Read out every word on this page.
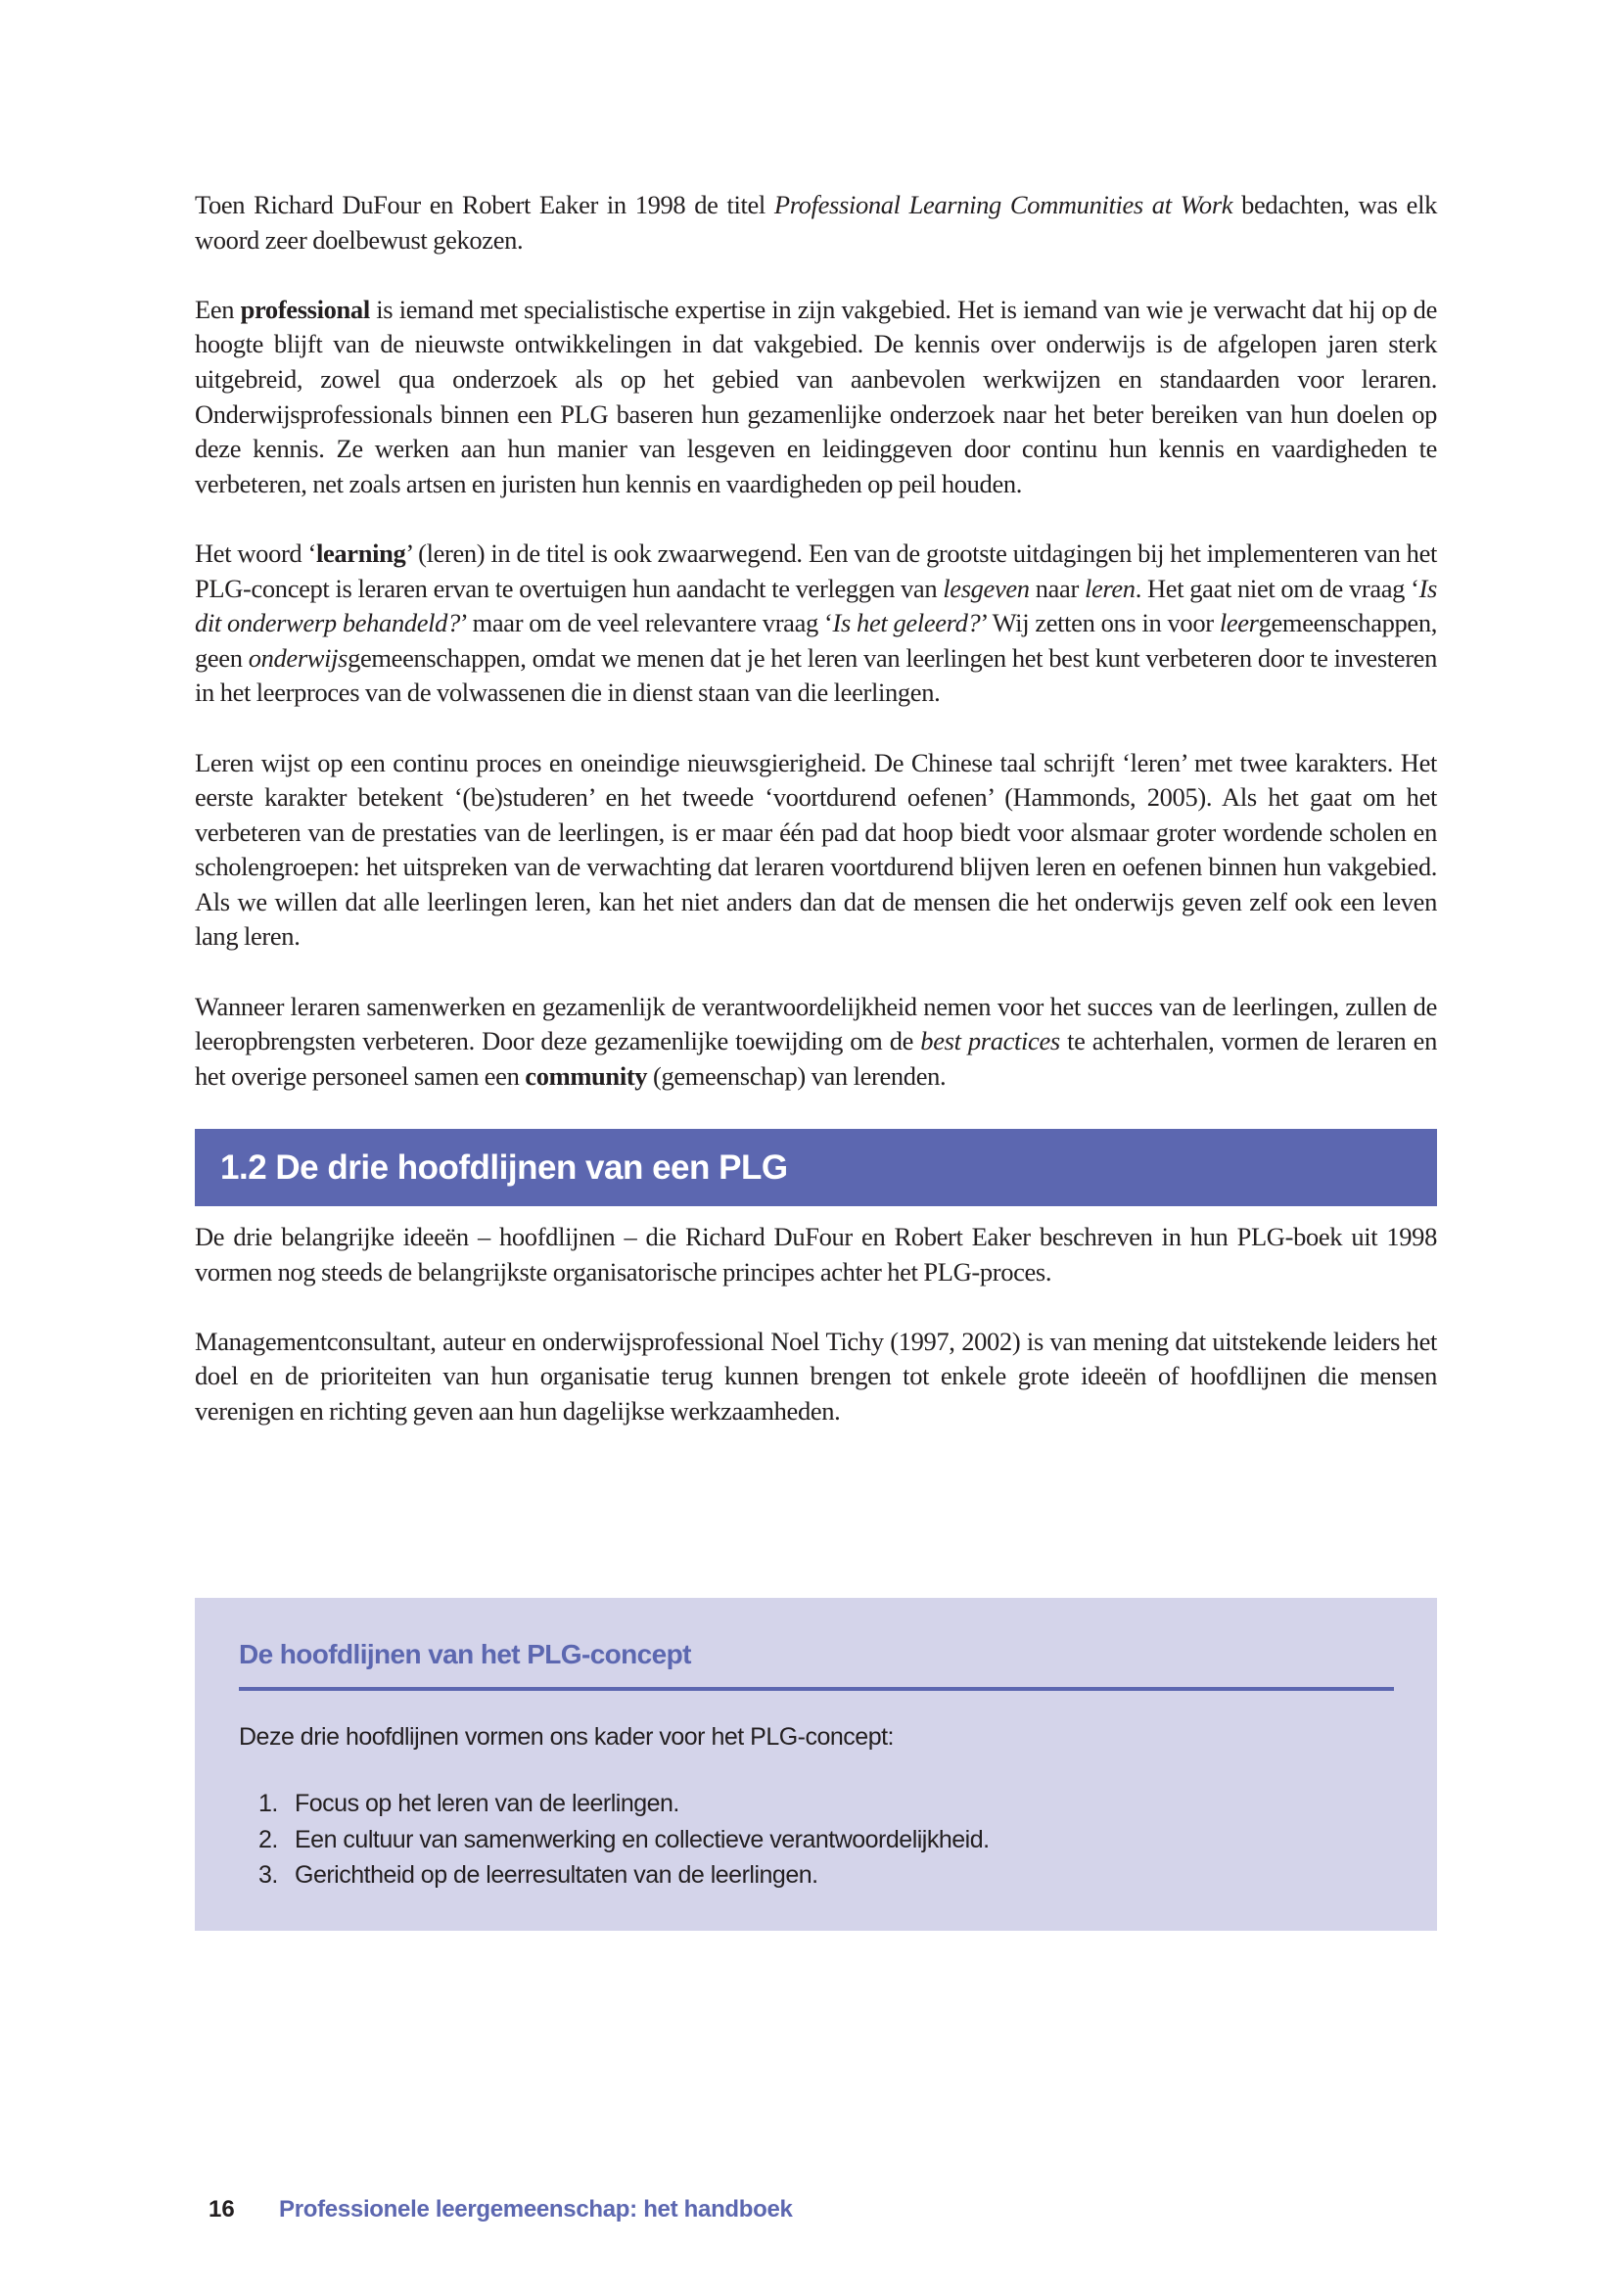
Toen Richard DuFour en Robert Eaker in 1998 de titel Professional Learning Communities at Work bedachten, was elk woord zeer doelbewust gekozen.

Een professional is iemand met specialistische expertise in zijn vakgebied. Het is iemand van wie je verwacht dat hij op de hoogte blijft van de nieuwste ontwikkelingen in dat vakgebied. De kennis over onderwijs is de afgelopen jaren sterk uitgebreid, zowel qua onderzoek als op het gebied van aanbevolen werkwijzen en standaarden voor leraren. Onderwijsprofessionals binnen een PLG baseren hun gezamenlijke onderzoek naar het beter bereiken van hun doelen op deze kennis. Ze werken aan hun manier van lesgeven en leidinggeven door continu hun kennis en vaardigheden te verbeteren, net zoals artsen en juristen hun kennis en vaardigheden op peil houden.

Het woord ‘learning’ (leren) in de titel is ook zwaarwegend. Een van de grootste uitdagingen bij het implementeren van het PLG-concept is leraren ervan te overtuigen hun aandacht te verleggen van lesgeven naar leren. Het gaat niet om de vraag ‘Is dit onderwerp behandeld?’ maar om de veel relevantere vraag ‘Is het geleerd?’ Wij zetten ons in voor leergemeenschappen, geen onderwijsgemeenschappen, omdat we menen dat je het leren van leerlingen het best kunt verbeteren door te investeren in het leerproces van de volwassenen die in dienst staan van die leerlingen.

Leren wijst op een continu proces en oneindige nieuwsgierigheid. De Chinese taal schrijft ‘leren’ met twee karakters. Het eerste karakter betekent ‘(be)studeren’ en het tweede ‘voortdurend oefenen’ (Hammonds, 2005). Als het gaat om het verbeteren van de prestaties van de leerlingen, is er maar één pad dat hoop biedt voor alsmaar groter wordende scholen en scholengroepen: het uitspreken van de verwachting dat leraren voortdurend blijven leren en oefenen binnen hun vakgebied. Als we willen dat alle leerlingen leren, kan het niet anders dan dat de mensen die het onderwijs geven zelf ook een leven lang leren.

Wanneer leraren samenwerken en gezamenlijk de verantwoordelijkheid nemen voor het succes van de leerlingen, zullen de leeropbrengsten verbeteren. Door deze gezamenlijke toewijding om de best practices te achterhalen, vormen de leraren en het overige personeel samen een community (gemeenschap) van lerenden.

1.2 De drie hoofdlijnen van een PLG

De drie belangrijke ideeën – hoofdlijnen – die Richard DuFour en Robert Eaker beschreven in hun PLG-boek uit 1998 vormen nog steeds de belangrijkste organisatorische principes achter het PLG-proces.

Managementconsultant, auteur en onderwijsprofessional Noel Tichy (1997, 2002) is van mening dat uitstekende leiders het doel en de prioriteiten van hun organisatie terug kunnen brengen tot enkele grote ideeën of hoofdlijnen die mensen verenigen en richting geven aan hun dagelijkse werkzaamheden.

De hoofdlijnen van het PLG-concept
Deze drie hoofdlijnen vormen ons kader voor het PLG-concept:
1. Focus op het leren van de leerlingen.
2. Een cultuur van samenwerking en collectieve verantwoordelijkheid.
3. Gerichtheid op de leerresultaten van de leerlingen.
16	Professionele leergemeenschap: het handboek
